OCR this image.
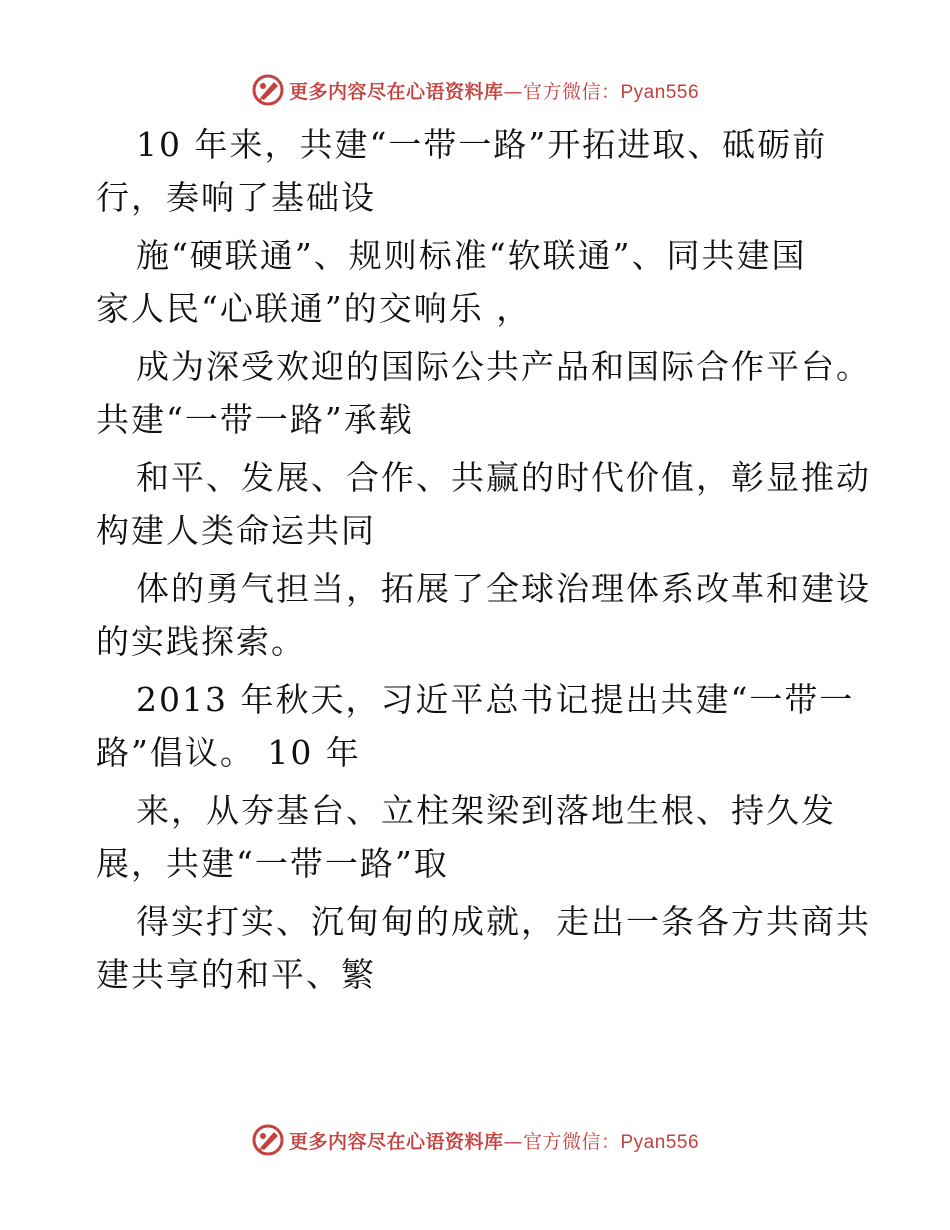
更多内容尽在心语资料库—官方微信：Pyan556
10 年来，共建“一带一路”开拓进取、砥砺前
行，奏响了基础设
施“硬联通”、规则标准“软联通”、同共建国
家人民“心联通”的交响乐 ，
成为深受欢迎的国际公共产品和国际合作平台。
共建“一带一路”承载
和平、发展、合作、共赢的时代价值，彰显推动
构建人类命运共同
体的勇气担当，拓展了全球治理体系改革和建设
的实践探索。
2013 年秋天，习近平总书记提出共建“一带一
路”倡议。 10 年
来，从夯基台、立柱架梁到落地生根、持久发
展，共建“一带一路”取
得实打实、沉甸甸的成就，走出一条各方共商共
建共享的和平、繁
更多内容尽在心语资料库—官方微信：Pyan556
